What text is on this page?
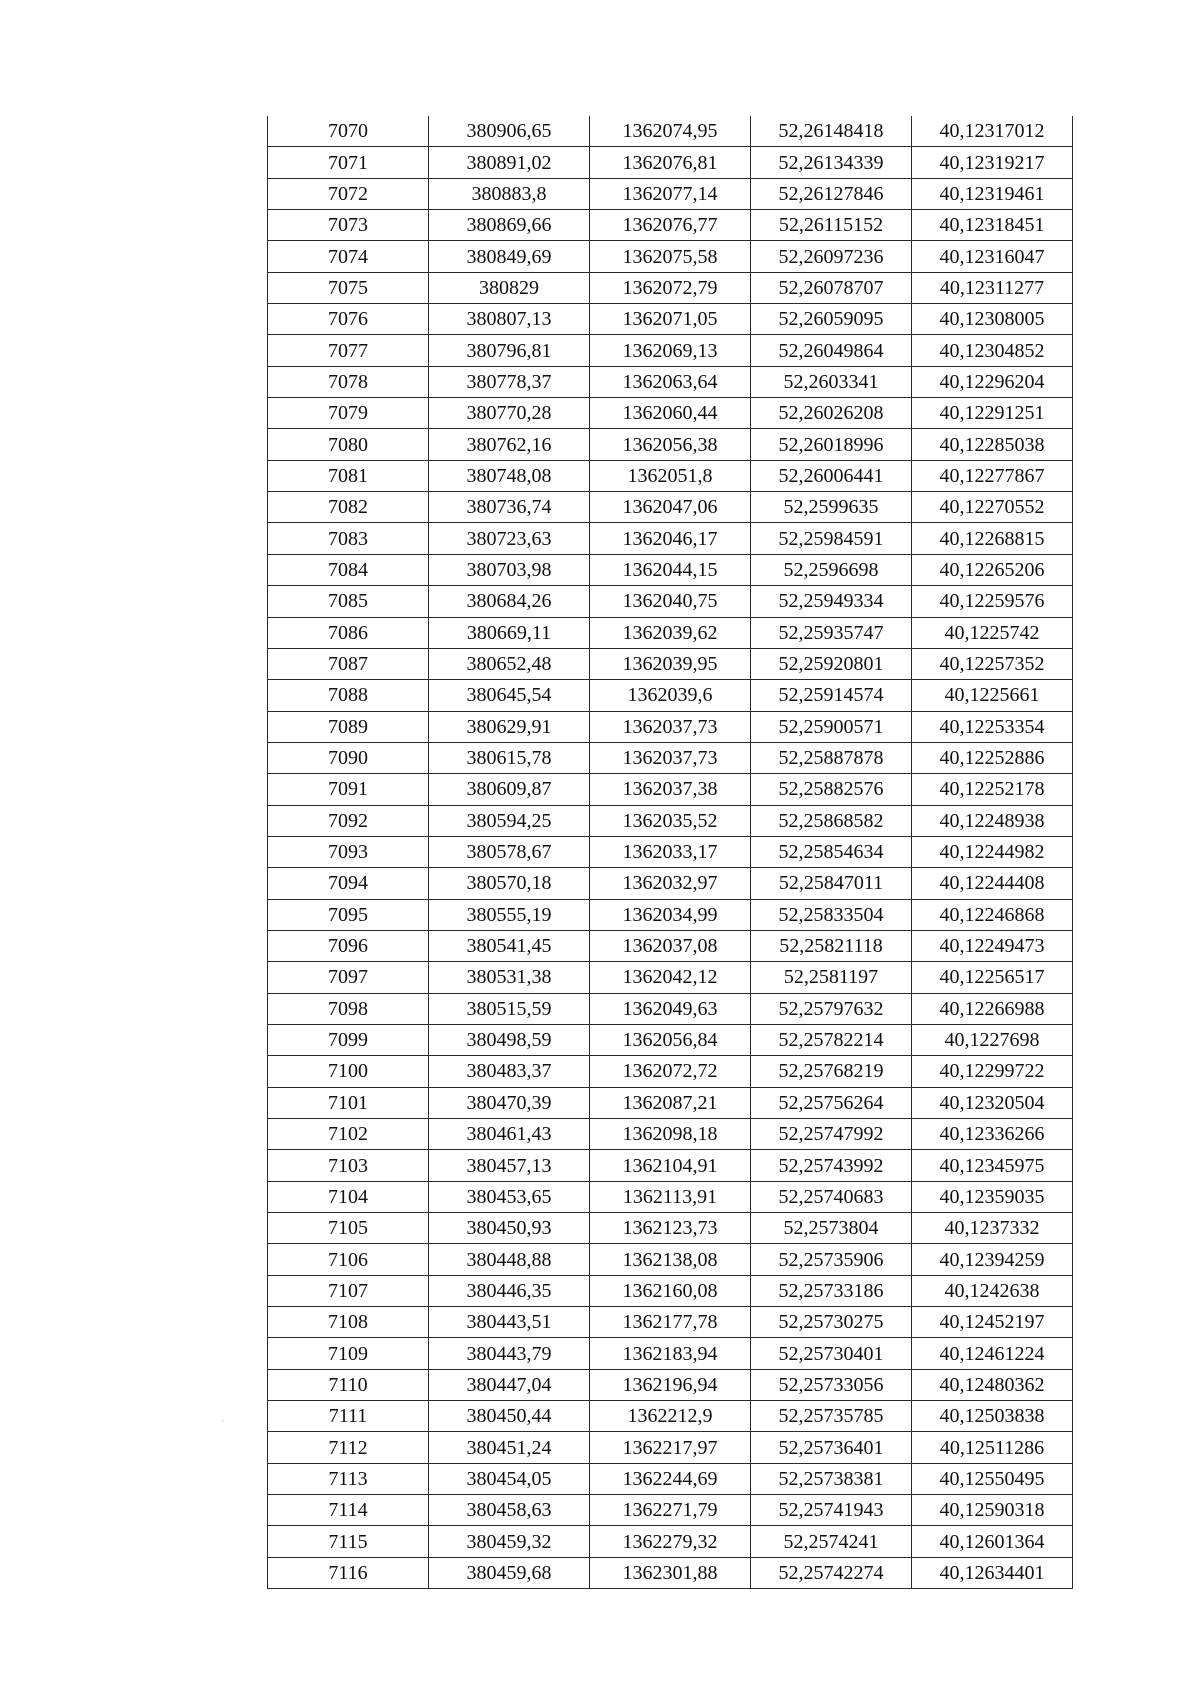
7070	380906,65	1362074,95	52,26148418	40,12317012
7071	380891,02	1362076,81	52,26134339	40,12319217
7072	380883,8	1362077,14	52,26127846	40,12319461
7073	380869,66	1362076,77	52,26115152	40,12318451
7074	380849,69	1362075,58	52,26097236	40,12316047
7075	380829	1362072,79	52,26078707	40,12311277
7076	380807,13	1362071,05	52,26059095	40,12308005
7077	380796,81	1362069,13	52,26049864	40,12304852
7078	380778,37	1362063,64	52,2603341	40,12296204
7079	380770,28	1362060,44	52,26026208	40,12291251
7080	380762,16	1362056,38	52,26018996	40,12285038
7081	380748,08	1362051,8	52,26006441	40,12277867
7082	380736,74	1362047,06	52,2599635	40,12270552
7083	380723,63	1362046,17	52,25984591	40,12268815
7084	380703,98	1362044,15	52,2596698	40,12265206
7085	380684,26	1362040,75	52,25949334	40,12259576
7086	380669,11	1362039,62	52,25935747	40,1225742
7087	380652,48	1362039,95	52,25920801	40,12257352
7088	380645,54	1362039,6	52,25914574	40,1225661
7089	380629,91	1362037,73	52,25900571	40,12253354
7090	380615,78	1362037,73	52,25887878	40,12252886
7091	380609,87	1362037,38	52,25882576	40,12252178
7092	380594,25	1362035,52	52,25868582	40,12248938
7093	380578,67	1362033,17	52,25854634	40,12244982
7094	380570,18	1362032,97	52,25847011	40,12244408
7095	380555,19	1362034,99	52,25833504	40,12246868
7096	380541,45	1362037,08	52,25821118	40,12249473
7097	380531,38	1362042,12	52,2581197	40,12256517
7098	380515,59	1362049,63	52,25797632	40,12266988
7099	380498,59	1362056,84	52,25782214	40,1227698
7100	380483,37	1362072,72	52,25768219	40,12299722
7101	380470,39	1362087,21	52,25756264	40,12320504
7102	380461,43	1362098,18	52,25747992	40,12336266
7103	380457,13	1362104,91	52,25743992	40,12345975
7104	380453,65	1362113,91	52,25740683	40,12359035
7105	380450,93	1362123,73	52,2573804	40,1237332
7106	380448,88	1362138,08	52,25735906	40,12394259
7107	380446,35	1362160,08	52,25733186	40,1242638
7108	380443,51	1362177,78	52,25730275	40,12452197
7109	380443,79	1362183,94	52,25730401	40,12461224
7110	380447,04	1362196,94	52,25733056	40,12480362
7111	380450,44	1362212,9	52,25735785	40,12503838
7112	380451,24	1362217,97	52,25736401	40,12511286
7113	380454,05	1362244,69	52,25738381	40,12550495
7114	380458,63	1362271,79	52,25741943	40,12590318
7115	380459,32	1362279,32	52,2574241	40,12601364
7116	380459,68	1362301,88	52,25742274	40,12634401
